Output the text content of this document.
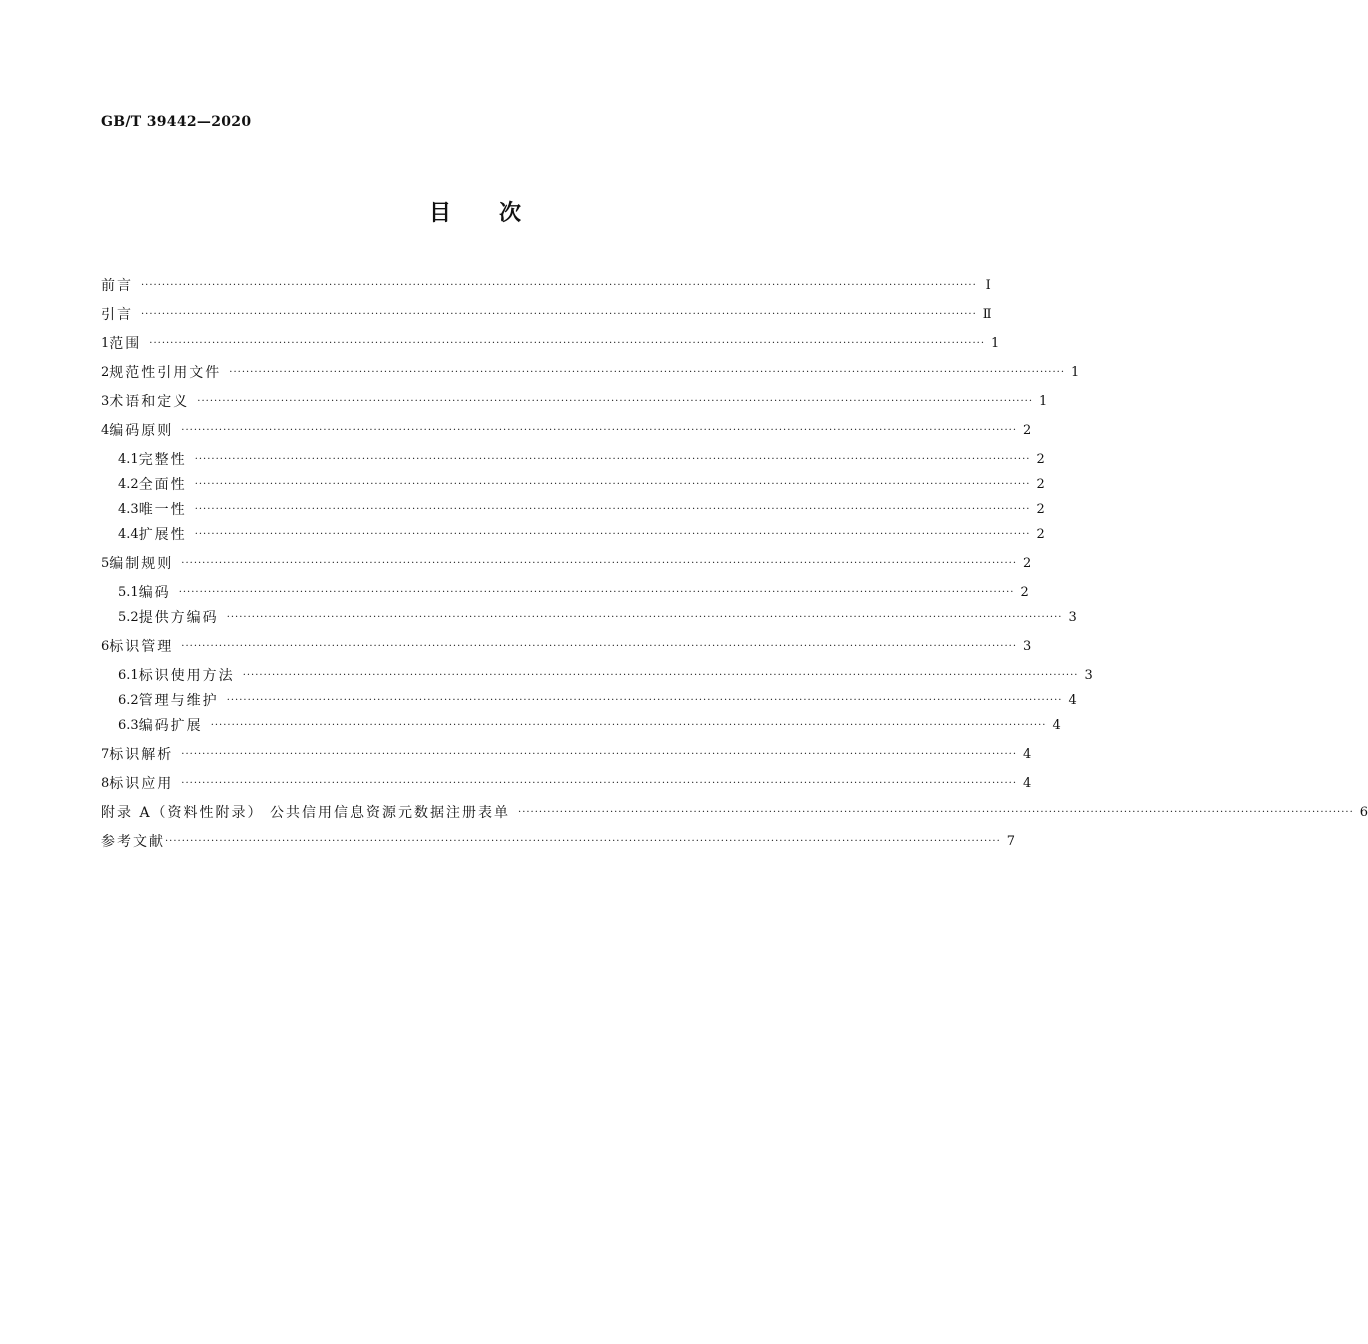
GB/T 39442—2020
目次
前言 ········································································································································································································ Ⅰ
引言 ········································································································································································································ Ⅱ
1 范围 ········································································································································································································ 1
2 规范性引用文件 ········································································································································································································ 1
3 术语和定义 ········································································································································································································ 1
4 编码原则 ········································································································································································································ 2
4.1 完整性 ········································································································································································································ 2
4.2 全面性 ········································································································································································································ 2
4.3 唯一性 ········································································································································································································ 2
4.4 扩展性 ········································································································································································································ 2
5 编制规则 ········································································································································································································ 2
5.1 编码 ········································································································································································································ 2
5.2 提供方编码 ········································································································································································································ 3
6 标识管理 ········································································································································································································ 3
6.1 标识使用方法 ········································································································································································································ 3
6.2 管理与维护 ········································································································································································································ 4
6.3 编码扩展 ········································································································································································································ 4
7 标识解析 ········································································································································································································ 4
8 标识应用 ········································································································································································································ 4
附录 A（资料性附录） 公共信用信息资源元数据注册表单 ········································································································································································································ 6
参考文献 ········································································································································································································ 7
